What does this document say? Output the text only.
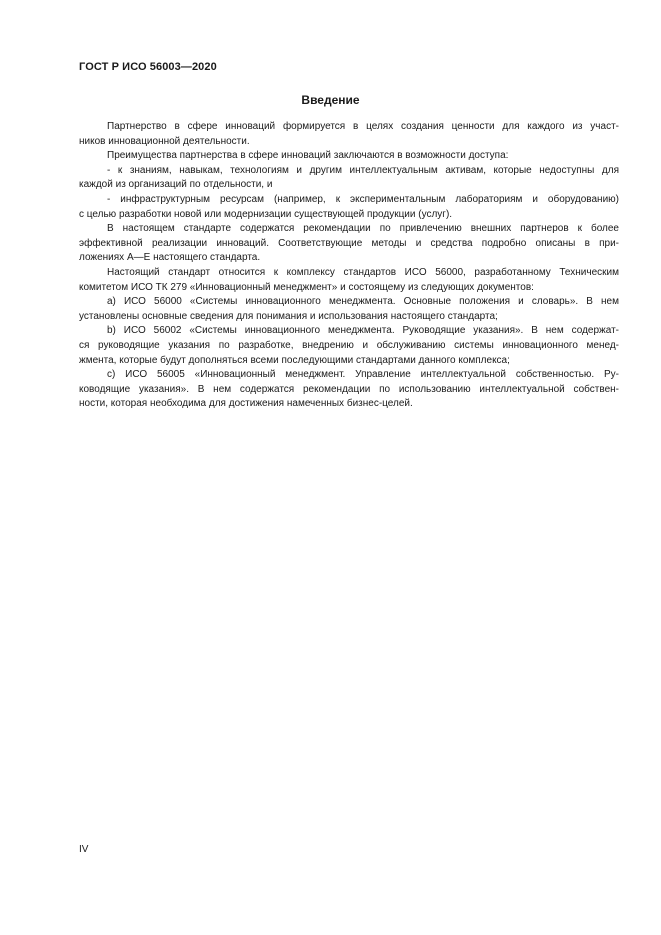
ГОСТ Р ИСО 56003—2020
Введение
Партнерство в сфере инноваций формируется в целях создания ценности для каждого из участ-
ников инновационной деятельности.
Преимущества партнерства в сфере инноваций заключаются в возможности доступа:
- к знаниям, навыкам, технологиям и другим интеллектуальным активам, которые недоступны для
каждой из организаций по отдельности, и
- инфраструктурным ресурсам (например, к экспериментальным лабораториям и оборудованию)
с целью разработки новой или модернизации существующей продукции (услуг).
В настоящем стандарте содержатся рекомендации по привлечению внешних партнеров к более
эффективной реализации инноваций. Соответствующие методы и средства подробно описаны в при-
ложениях А—Е настоящего стандарта.
Настоящий стандарт относится к комплексу стандартов ИСО 56000, разработанному Техническим
комитетом ИСО ТК 279 «Инновационный менеджмент» и состоящему из следующих документов:
a) ИСО 56000 «Системы инновационного менеджмента. Основные положения и словарь». В нем
установлены основные сведения для понимания и использования настоящего стандарта;
b) ИСО 56002 «Системы инновационного менеджмента. Руководящие указания». В нем содержат-
ся руководящие указания по разработке, внедрению и обслуживанию системы инновационного менед-
жмента, которые будут дополняться всеми последующими стандартами данного комплекса;
c) ИСО 56005 «Инновационный менеджмент. Управление интеллектуальной собственностью. Ру-
ководящие указания». В нем содержатся рекомендации по использованию интеллектуальной собствен-
ности, которая необходима для достижения намеченных бизнес-целей.
IV
